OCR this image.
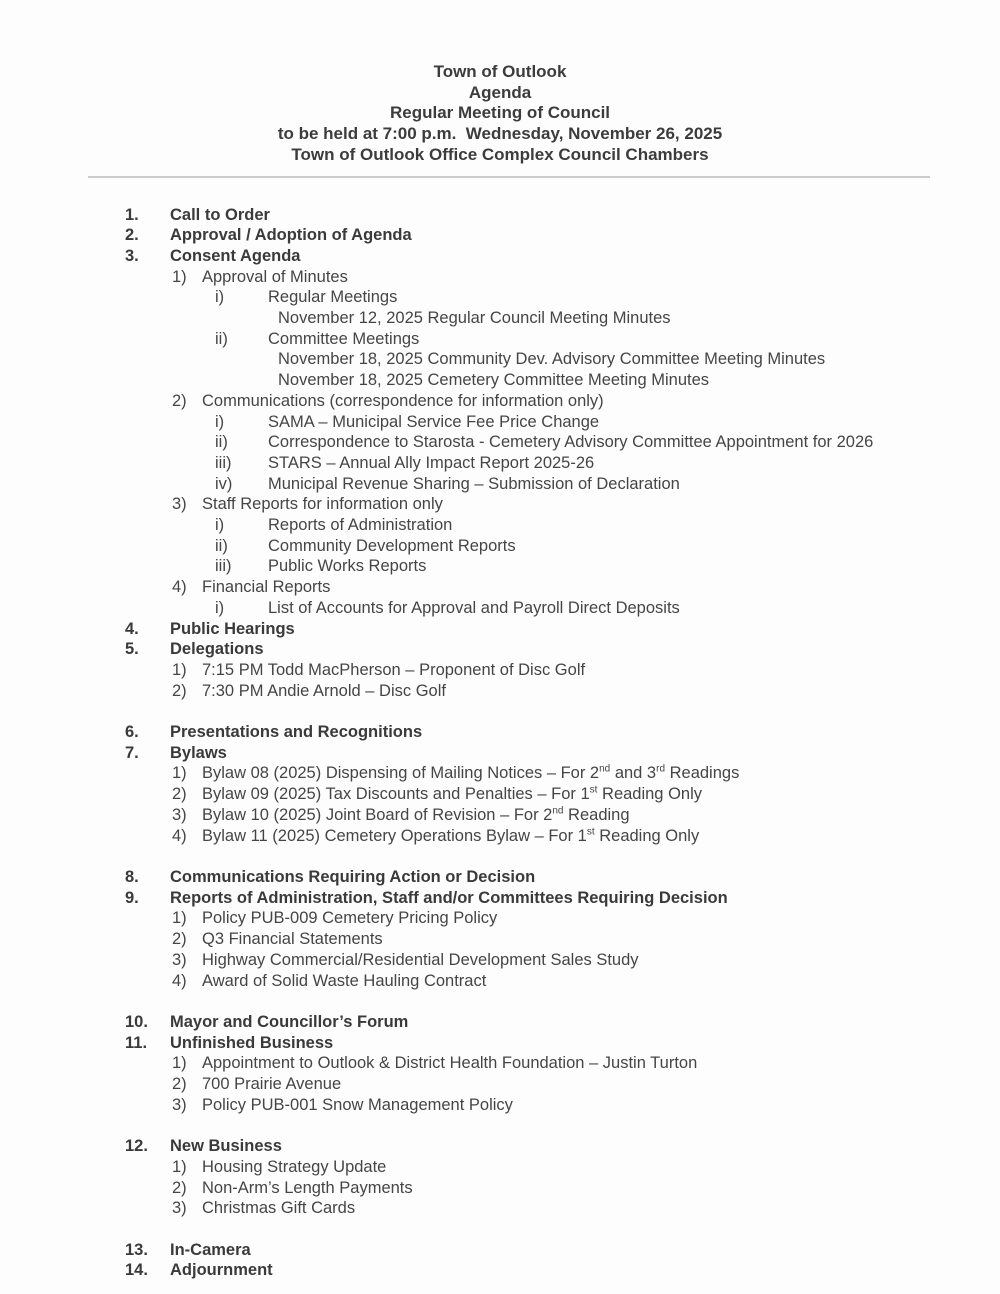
Town of Outlook
Agenda
Regular Meeting of Council
to be held at 7:00 p.m.  Wednesday, November 26, 2025
Town of Outlook Office Complex Council Chambers
1.	Call to Order
2.	Approval / Adoption of Agenda
3.	Consent Agenda
1) Approval of Minutes
i)	Regular Meetings
November 12, 2025 Regular Council Meeting Minutes
ii)	Committee Meetings
November 18, 2025 Community Dev. Advisory Committee Meeting Minutes
November 18, 2025 Cemetery Committee Meeting Minutes
2) Communications (correspondence for information only)
i)	SAMA – Municipal Service Fee Price Change
ii)	Correspondence to Starosta - Cemetery Advisory Committee Appointment for 2026
iii)	STARS – Annual Ally Impact Report 2025-26
iv)	Municipal Revenue Sharing – Submission of Declaration
3) Staff Reports for information only
i)	Reports of Administration
ii)	Community Development Reports
iii)	Public Works Reports
4) Financial Reports
i)	List of Accounts for Approval and Payroll Direct Deposits
4.	Public Hearings
5.	Delegations
1) 7:15 PM Todd MacPherson – Proponent of Disc Golf
2) 7:30 PM Andie Arnold – Disc Golf
6.	Presentations and Recognitions
7.	Bylaws
1) Bylaw 08 (2025) Dispensing of Mailing Notices – For 2nd and 3rd Readings
2) Bylaw 09 (2025) Tax Discounts and Penalties – For 1st Reading Only
3) Bylaw 10 (2025) Joint Board of Revision – For 2nd Reading
4) Bylaw 11 (2025) Cemetery Operations Bylaw – For 1st Reading Only
8.	Communications Requiring Action or Decision
9.	Reports of Administration, Staff and/or Committees Requiring Decision
1) Policy PUB-009 Cemetery Pricing Policy
2) Q3 Financial Statements
3) Highway Commercial/Residential Development Sales Study
4) Award of Solid Waste Hauling Contract
10.	Mayor and Councillor’s Forum
11.	Unfinished Business
1) Appointment to Outlook & District Health Foundation – Justin Turton
2) 700 Prairie Avenue
3) Policy PUB-001 Snow Management Policy
12.	New Business
1) Housing Strategy Update
2) Non-Arm’s Length Payments
3) Christmas Gift Cards
13.	In-Camera
14.	Adjournment
